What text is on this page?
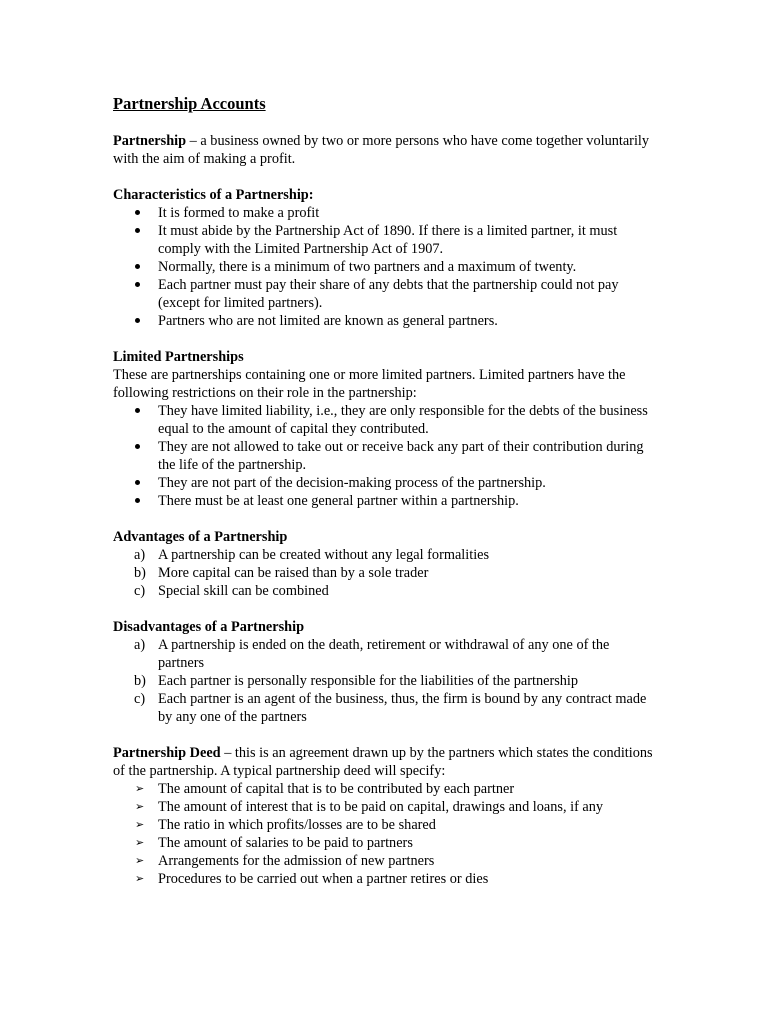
Partnership Accounts

Partnership – a business owned by two or more persons who have come together voluntarily with the aim of making a profit.

Characteristics of a Partnership:

It is formed to make a profit
It must abide by the Partnership Act of 1890. If there is a limited partner, it must comply with the Limited Partnership Act of 1907.
Normally, there is a minimum of two partners and a maximum of twenty.
Each partner must pay their share of any debts that the partnership could not pay (except for limited partners).
Partners who are not limited are known as general partners.

Limited Partnerships

These are partnerships containing one or more limited partners. Limited partners have the following restrictions on their role in the partnership:

They have limited liability, i.e., they are only responsible for the debts of the business equal to the amount of capital they contributed.
They are not allowed to take out or receive back any part of their contribution during the life of the partnership.
They are not part of the decision-making process of the partnership.
There must be at least one general partner within a partnership.

Advantages of a Partnership

a) A partnership can be created without any legal formalities
b) More capital can be raised than by a sole trader
c) Special skill can be combined

Disadvantages of a Partnership

a) A partnership is ended on the death, retirement or withdrawal of any one of the partners
b) Each partner is personally responsible for the liabilities of the partnership
c) Each partner is an agent of the business, thus, the firm is bound by any contract made by any one of the partners

Partnership Deed – this is an agreement drawn up by the partners which states the conditions of the partnership. A typical partnership deed will specify:

➢ The amount of capital that is to be contributed by each partner
➢ The amount of interest that is to be paid on capital, drawings and loans, if any
➢ The ratio in which profits/losses are to be shared
➢ The amount of salaries to be paid to partners
➢ Arrangements for the admission of new partners
➢ Procedures to be carried out when a partner retires or dies
